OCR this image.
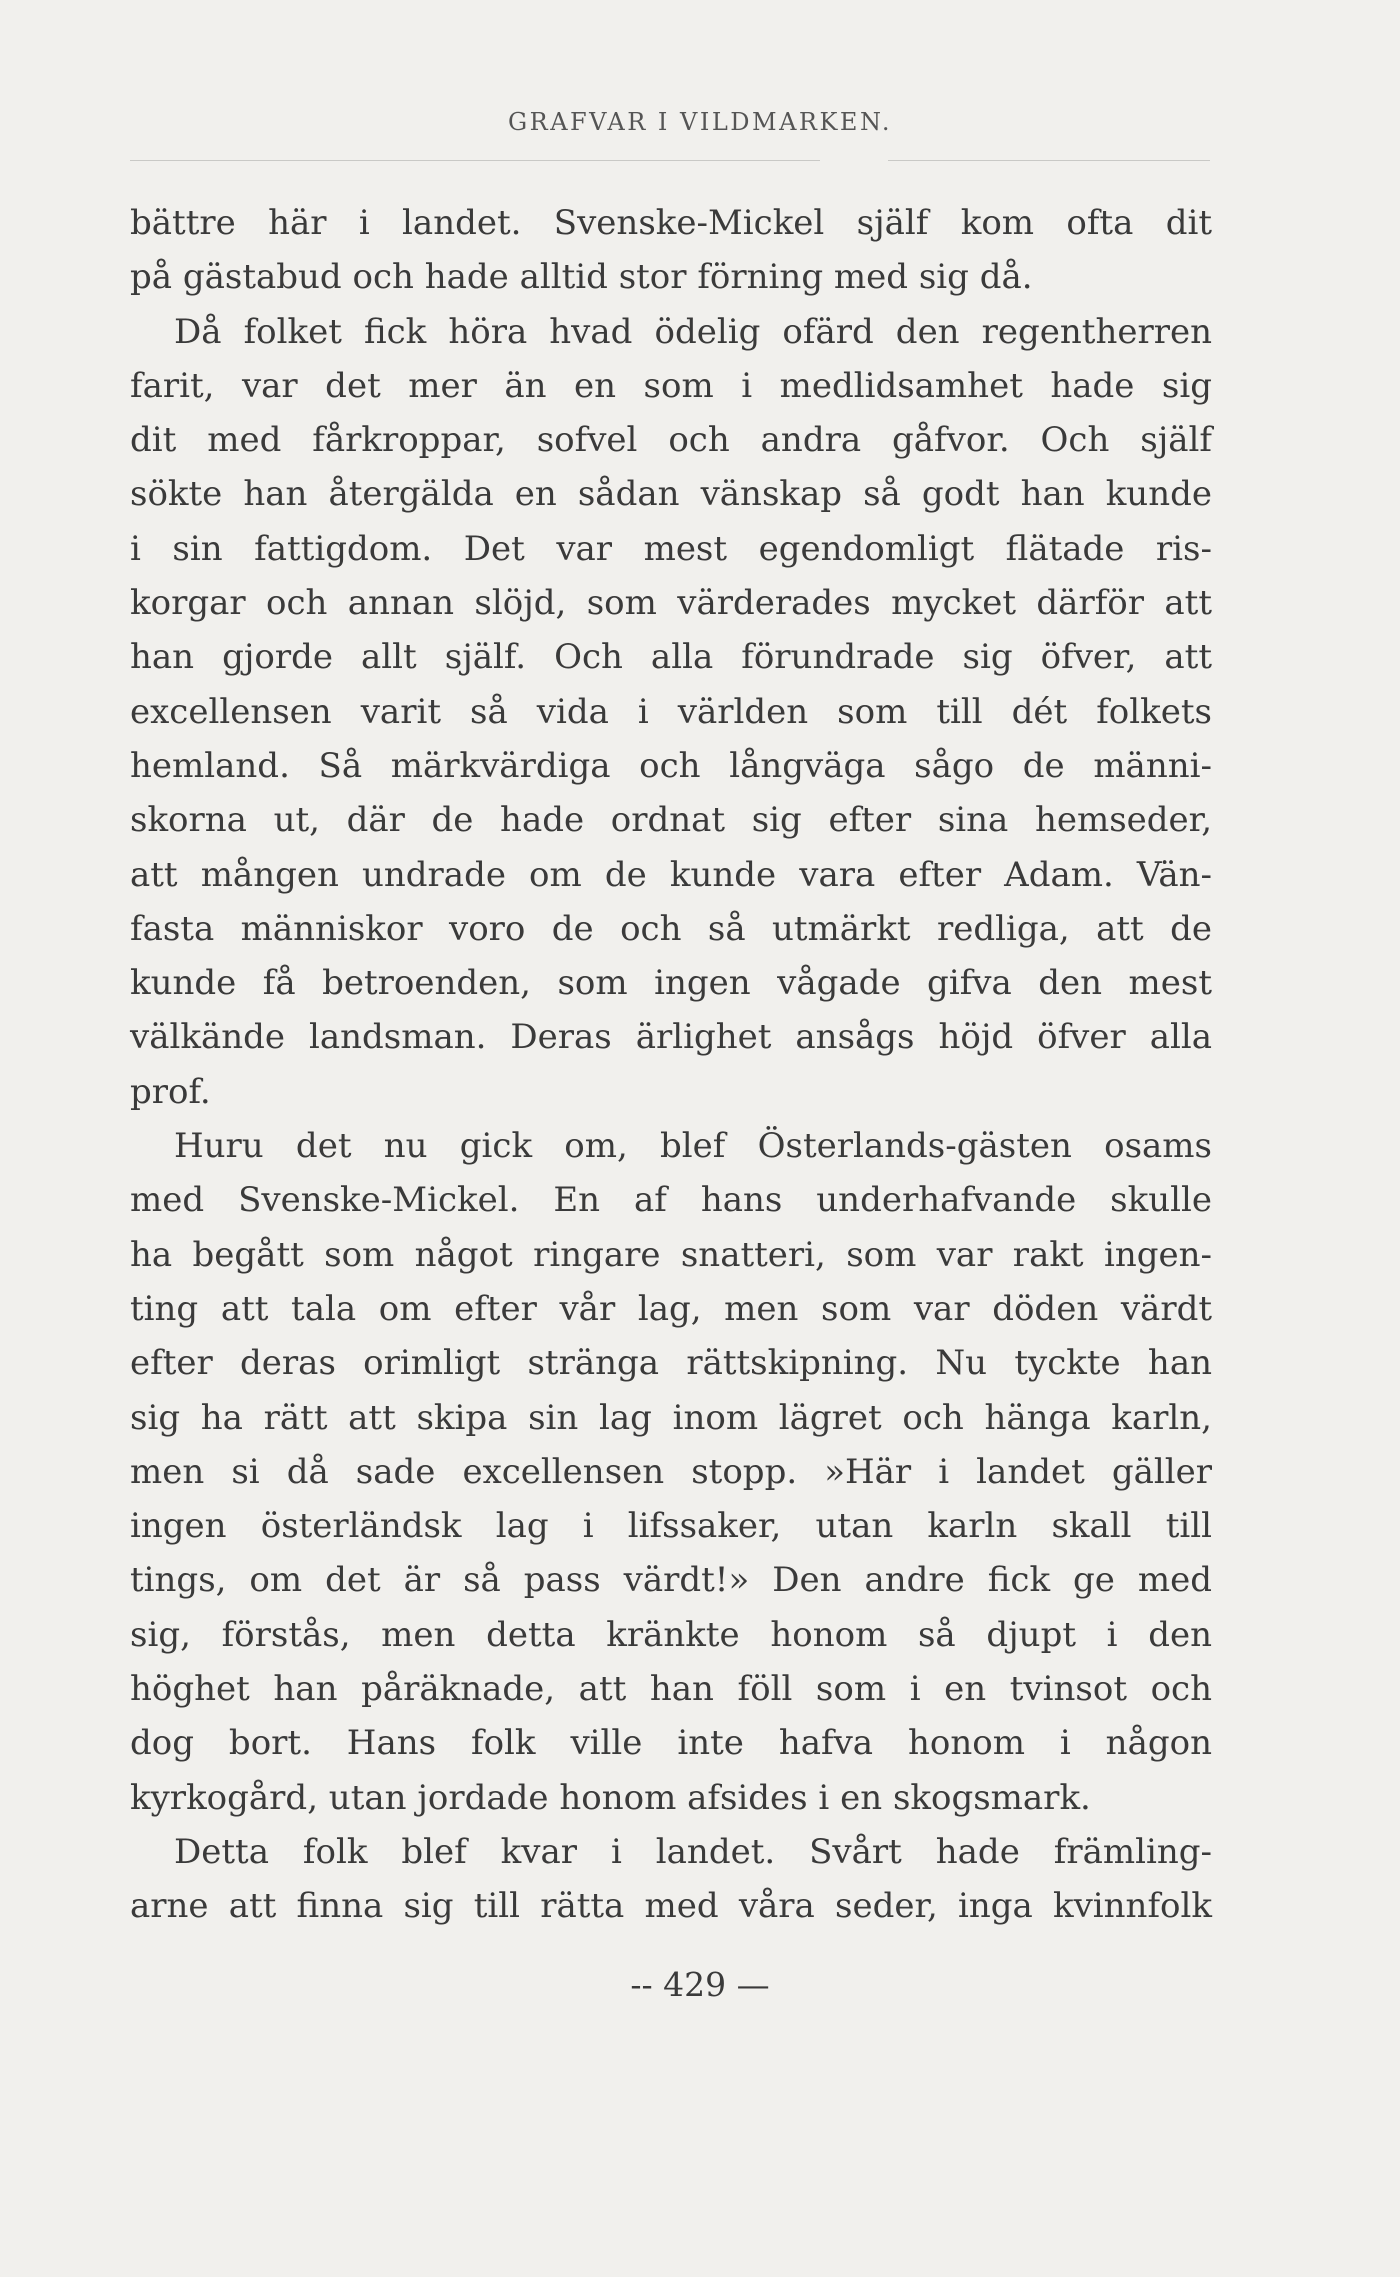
GRAFVAR I VILDMARKEN.
bättre här i landet. Svenske-Mickel själf kom ofta dit
på gästabud och hade alltid stor förning med sig då.
Då folket fick höra hvad ödelig ofärd den regentherren
farit, var det mer än en som i medlidsamhet hade sig
dit med fårkroppar, sofvel och andra gåfvor. Och själf
sökte han återgälda en sådan vänskap så godt han kunde
i sin fattigdom. Det var mest egendomligt flätade ris-
korgar och annan slöjd, som värderades mycket därför att
han gjorde allt själf. Och alla förundrade sig öfver, att
excellensen varit så vida i världen som till dét folkets
hemland. Så märkvärdiga och långväga sågo de männi-
skorna ut, där de hade ordnat sig efter sina hemseder,
att mången undrade om de kunde vara efter Adam. Vän-
fasta människor voro de och så utmärkt redliga, att de
kunde få betroenden, som ingen vågade gifva den mest
välkände landsman. Deras ärlighet ansågs höjd öfver alla
prof.
Huru det nu gick om, blef Österlands-gästen osams
med Svenske-Mickel. En af hans underhafvande skulle
ha begått som något ringare snatteri, som var rakt ingen-
ting att tala om efter vår lag, men som var döden värdt
efter deras orimligt stränga rättskipning. Nu tyckte han
sig ha rätt att skipa sin lag inom lägret och hänga karln,
men si då sade excellensen stopp. »Här i landet gäller
ingen österländsk lag i lifssaker, utan karln skall till
tings, om det är så pass värdt!» Den andre fick ge med
sig, förstås, men detta kränkte honom så djupt i den
höghet han påräknade, att han föll som i en tvinsot och
dog bort. Hans folk ville inte hafva honom i någon
kyrkogård, utan jordade honom afsides i en skogsmark.
Detta folk blef kvar i landet. Svårt hade främling-
arne att finna sig till rätta med våra seder, inga kvinnfolk
-- 429 —
